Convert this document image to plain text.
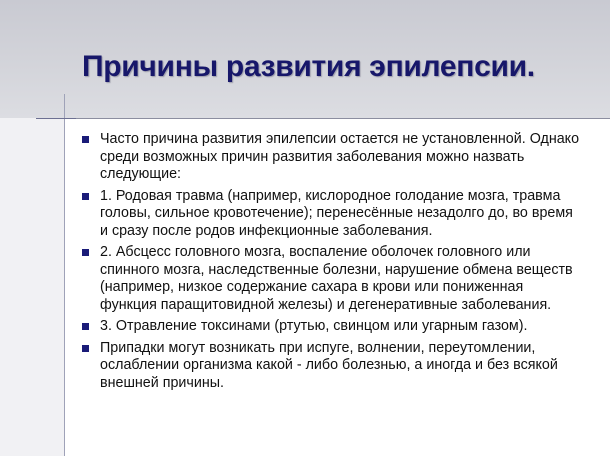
Причины развития эпилепсии.
Часто причина развития эпилепсии остается не установленной. Однако среди возможных причин развития заболевания можно назвать следующие:
1. Родовая травма (например, кислородное голодание мозга, травма головы, сильное кровотечение); перенесённые незадолго до, во время и сразу после родов инфекционные заболевания.
2. Абсцесс головного мозга, воспаление оболочек головного или спинного мозга, наследственные болезни, нарушение обмена веществ (например, низкое содержание сахара в крови или пониженная функция паращитовидной железы) и дегенеративные заболевания.
3. Отравление токсинами (ртутью, свинцом или угарным газом).
Припадки могут возникать при испуге, волнении, переутомлении, ослаблении организма какой - либо болезнью, а иногда и без всякой внешней причины.
